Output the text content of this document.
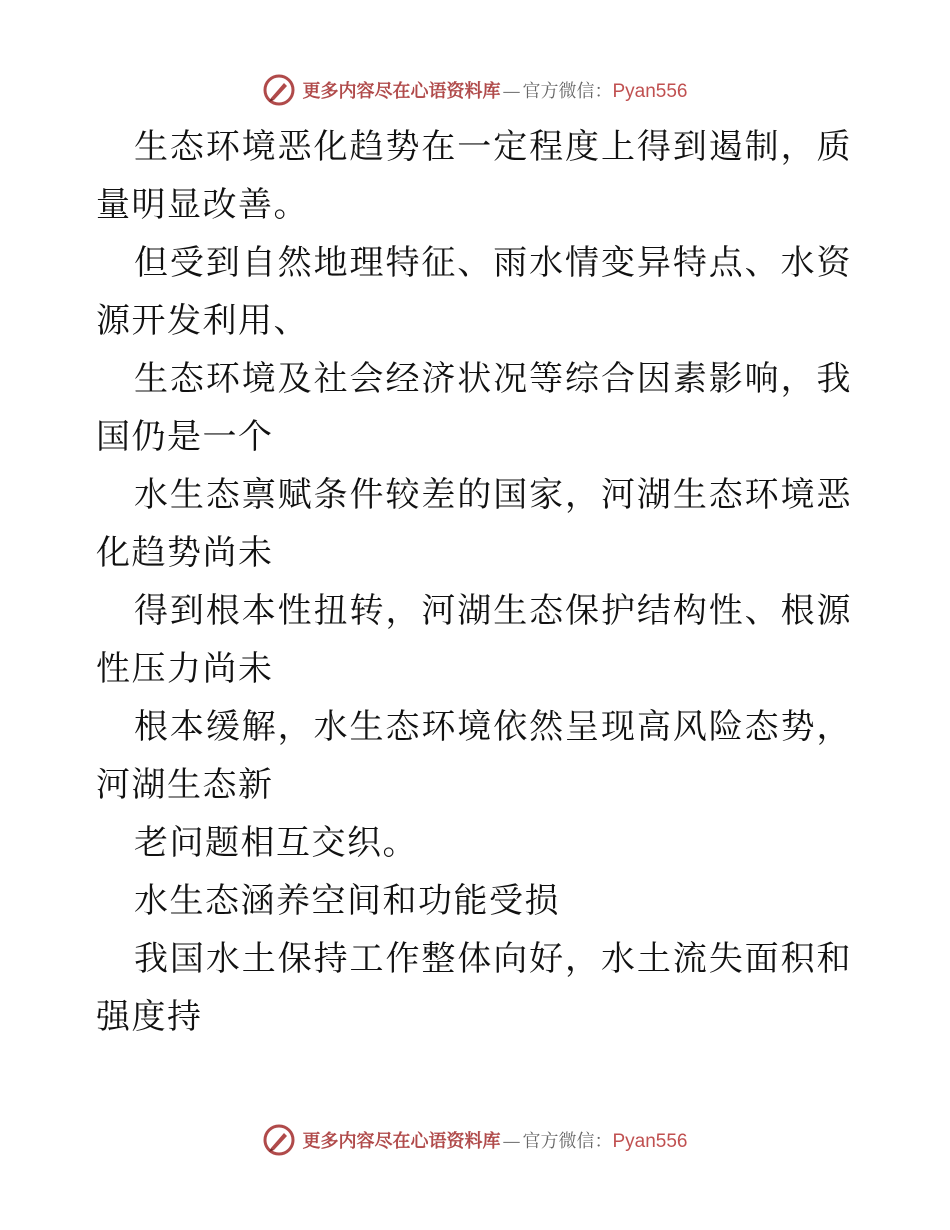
更多内容尽在心语资料库 — 官方微信： Pyan556

生态环境恶化趋势在一定程度上得到遏制，质量明显改善。

但受到自然地理特征、雨水情变异特点、水资源开发利用、

生态环境及社会经济状况等综合因素影响，我国仍是一个

水生态禀赋条件较差的国家，河湖生态环境恶化趋势尚未

得到根本性扭转，河湖生态保护结构性、根源性压力尚未

根本缓解，水生态环境依然呈现高风险态势，河湖生态新

老问题相互交织。

水生态涵养空间和功能受损

我国水土保持工作整体向好，水土流失面积和强度持

更多内容尽在心语资料库 — 官方微信： Pyan556
